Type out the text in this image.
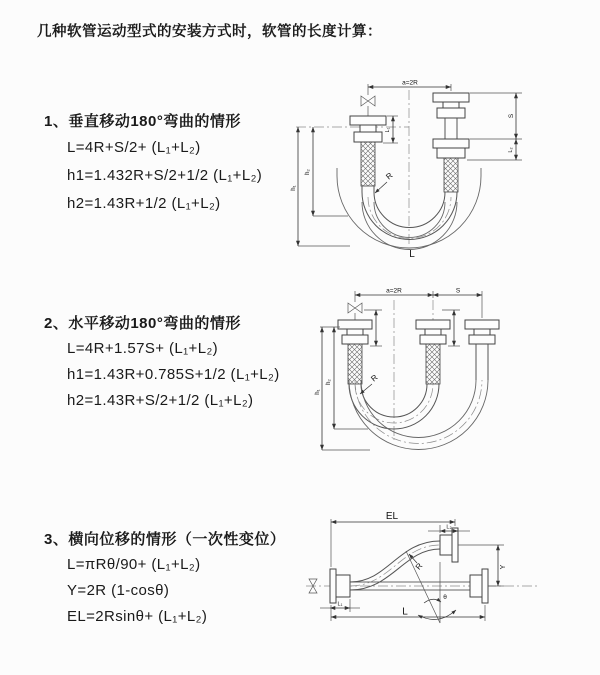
几种软管运动型式的安装方式时，软管的长度计算：
1、垂直移动180°弯曲的情形
L=4R+S/2+ (L₁+L₂)
h1=1.432R+S/2+1/2 (L₁+L₂)
h2=1.43R+1/2 (L₁+L₂)
a=2R
R
L
h₁
h₂
L₁
S
L₂
2、水平移动180°弯曲的情形
L=4R+1.57S+ (L₁+L₂)
h1=1.43R+0.785S+1/2 (L₁+L₂)
h2=1.43R+S/2+1/2 (L₁+L₂)
a=2R	S
R
h₁
h₂
3、横向位移的情形（一次性变位）
L=πRθ/90+ (L₁+L₂)
Y=2R (1-cosθ)
EL=2Rsinθ+ (L₁+L₂)
EL
L₂
Y
θ
R
L₁
L
